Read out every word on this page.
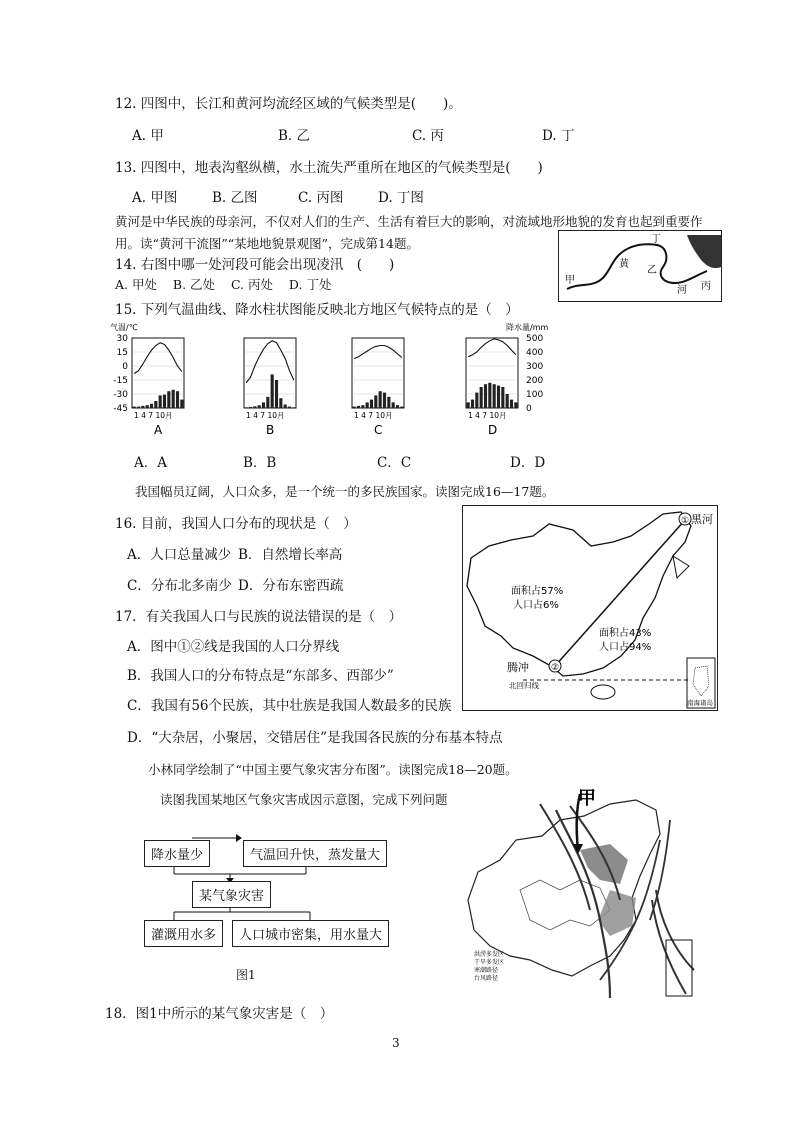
12. 四图中，长江和黄河均流经区域的气候类型是(　　)。
A. 甲	B. 乙	C. 丙	D. 丁
13. 四图中，地表沟壑纵横，水土流失严重所在地区的气候类型是(　　)
A. 甲图	B. 乙图	C. 丙图	D. 丁图
黄河是中华民族的母亲河，不仅对人们的生产、生活有着巨大的影响，对流域地形地貌的发育也起到重要作
用。读“黄河干流图”“某地地貌景观图”，完成第14题。
14. 右图中哪一处河段可能会出现凌汛　(　　)
A. 甲处 B. 乙处 C. 丙处 D. 丁处
丁
黄
乙
甲
河 丙
15. 下列气温曲线、降水柱状图能反映北方地区气候特点的是（　）
气温/℃	降水量/mm
30
15
0
-15
-30
-45
500
400
300
200
100
0
1 4 7 10月
A
1 4 7 10月
B
1 4 7 10月
C
1 4 7 10月
D
A．A	B．B	C．C	D．D
我国幅员辽阔，人口众多，是一个统一的多民族国家。读图完成16—17题。
16. 目前，我国人口分布的现状是（　）
A．人口总量减少 B．自然增长率高
C．分布北多南少 D．分布东密西疏
17．有关我国人口与民族的说法错误的是（　）
A．图中①②线是我国的人口分界线
B．我国人口的分布特点是“东部多、西部少”
C．我国有56个民族，其中壮族是我国人数最多的民族
D．“大杂居，小聚居，交错居住”是我国各民族的分布基本特点
①
②
黑河
腾冲
北回归线
面积占57%
人口占6%
面积占43%
人口占94%
南海诸岛
小林同学绘制了“中国主要气象灾害分布图”。读图完成18—20题。
读图我国某地区气象灾害成因示意图，完成下列问题
降水量少	气温回升快，蒸发量大
某气象灾害
灌溉用水多	人口城市密集，用水量大
图1
甲
洪涝多发区
干旱多发区
寒潮路径
台风路径
18．图1中所示的某气象灾害是（　）
3
